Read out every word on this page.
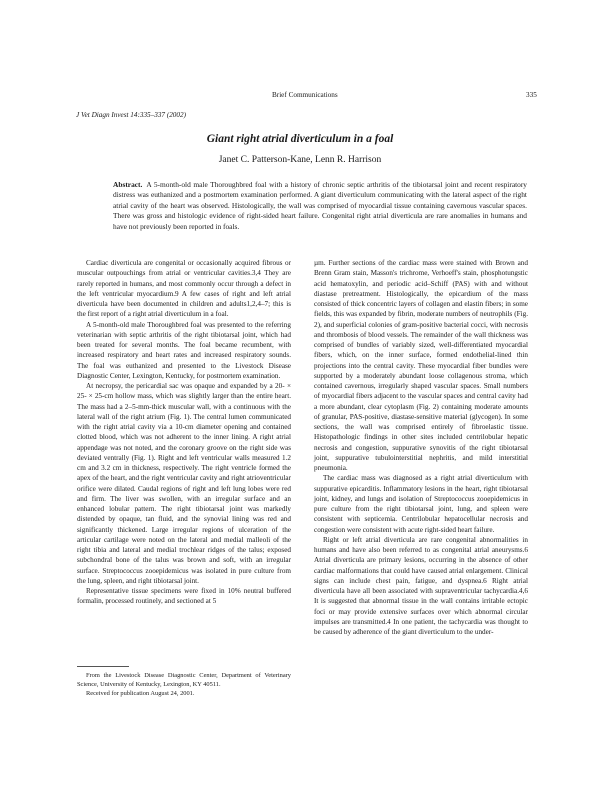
Brief Communications	335
J Vet Diagn Invest 14:335–337 (2002)
Giant right atrial diverticulum in a foal

Janet C. Patterson-Kane, Lenn R. Harrison

Abstract. A 5-month-old male Thoroughbred foal with a history of chronic septic arthritis of the tibiotarsal joint and recent respiratory distress was euthanized and a postmortem examination performed. A giant diverticulum communicating with the lateral aspect of the right atrial cavity of the heart was observed. Histologically, the wall was comprised of myocardial tissue containing cavernous vascular spaces. There was gross and histologic evidence of right-sided heart failure. Congenital right atrial diverticula are rare anomalies in humans and have not previously been reported in foals.

Cardiac diverticula are congenital or occasionally acquired fibrous or muscular outpouchings from atrial or ventricular cavities.3,4 They are rarely reported in humans, and most commonly occur through a defect in the left ventricular myocardium.9 A few cases of right and left atrial diverticula have been documented in children and adults1,2,4–7; this is the first report of a right atrial diverticulum in a foal.

A 5-month-old male Thoroughbred foal was presented to the referring veterinarian with septic arthritis of the right tibiotarsal joint, which had been treated for several months. The foal became recumbent, with increased respiratory and heart rates and increased respiratory sounds. The foal was euthanized and presented to the Livestock Disease Diagnostic Center, Lexington, Kentucky, for postmortem examination.

At necropsy, the pericardial sac was opaque and expanded by a 20- × 25- × 25-cm hollow mass, which was slightly larger than the entire heart. The mass had a 2–5-mm-thick muscular wall, with a continuous with the lateral wall of the right atrium (Fig. 1). The central lumen communicated with the right atrial cavity via a 10-cm diameter opening and contained clotted blood, which was not adherent to the inner lining. A right atrial appendage was not noted, and the coronary groove on the right side was deviated ventrally (Fig. 1). Right and left ventricular walls measured 1.2 cm and 3.2 cm in thickness, respectively. The right ventricle formed the apex of the heart, and the right ventricular cavity and right atrioventricular orifice were dilated. Caudal regions of right and left lung lobes were red and firm. The liver was swollen, with an irregular surface and an enhanced lobular pattern. The right tibiotarsal joint was markedly distended by opaque, tan fluid, and the synovial lining was red and significantly thickened. Large irregular regions of ulceration of the articular cartilage were noted on the lateral and medial malleoli of the right tibia and lateral and medial trochlear ridges of the talus; exposed subchondral bone of the talus was brown and soft, with an irregular surface. Streptococcus zooepidemicus was isolated in pure culture from the lung, spleen, and right tibiotarsal joint.

Representative tissue specimens were fixed in 10% neutral buffered formalin, processed routinely, and sectioned at 5

µm. Further sections of the cardiac mass were stained with Brown and Brenn Gram stain, Masson's trichrome, Verhoeff's stain, phosphotungstic acid hematoxylin, and periodic acid–Schiff (PAS) with and without diastase pretreatment. Histologically, the epicardium of the mass consisted of thick concentric layers of collagen and elastin fibers; in some fields, this was expanded by fibrin, moderate numbers of neutrophils (Fig. 2), and superficial colonies of gram-positive bacterial cocci, with necrosis and thrombosis of blood vessels. The remainder of the wall thickness was comprised of bundles of variably sized, well-differentiated myocardial fibers, which, on the inner surface, formed endothelial-lined thin projections into the central cavity. These myocardial fiber bundles were supported by a moderately abundant loose collagenous stroma, which contained cavernous, irregularly shaped vascular spaces. Small numbers of myocardial fibers adjacent to the vascular spaces and central cavity had a more abundant, clear cytoplasm (Fig. 2) containing moderate amounts of granular, PAS-positive, diastase-sensitive material (glycogen). In some sections, the wall was comprised entirely of fibroelastic tissue. Histopathologic findings in other sites included centrilobular hepatic necrosis and congestion, suppurative synovitis of the right tibiotarsal joint, suppurative tubulointerstitial nephritis, and mild interstitial pneumonia.

The cardiac mass was diagnosed as a right atrial diverticulum with suppurative epicarditis. Inflammatory lesions in the heart, right tibiotarsal joint, kidney, and lungs and isolation of Streptococcus zooepidemicus in pure culture from the right tibiotarsal joint, lung, and spleen were consistent with septicemia. Centrilobular hepatocellular necrosis and congestion were consistent with acute right-sided heart failure.

Right or left atrial diverticula are rare congenital abnormalities in humans and have also been referred to as congenital atrial aneurysms.6 Atrial diverticula are primary lesions, occurring in the absence of other cardiac malformations that could have caused atrial enlargement. Clinical signs can include chest pain, fatigue, and dyspnea.6 Right atrial diverticula have all been associated with supraventricular tachycardia.4,6 It is suggested that abnormal tissue in the wall contains irritable ectopic foci or may provide extensive surfaces over which abnormal circular impulses are transmitted.4 In one patient, the tachycardia was thought to be caused by adherence of the giant diverticulum to the under-

From the Livestock Disease Diagnostic Center, Department of Veterinary Science, University of Kentucky, Lexington, KY 40511.

Received for publication August 24, 2001.
